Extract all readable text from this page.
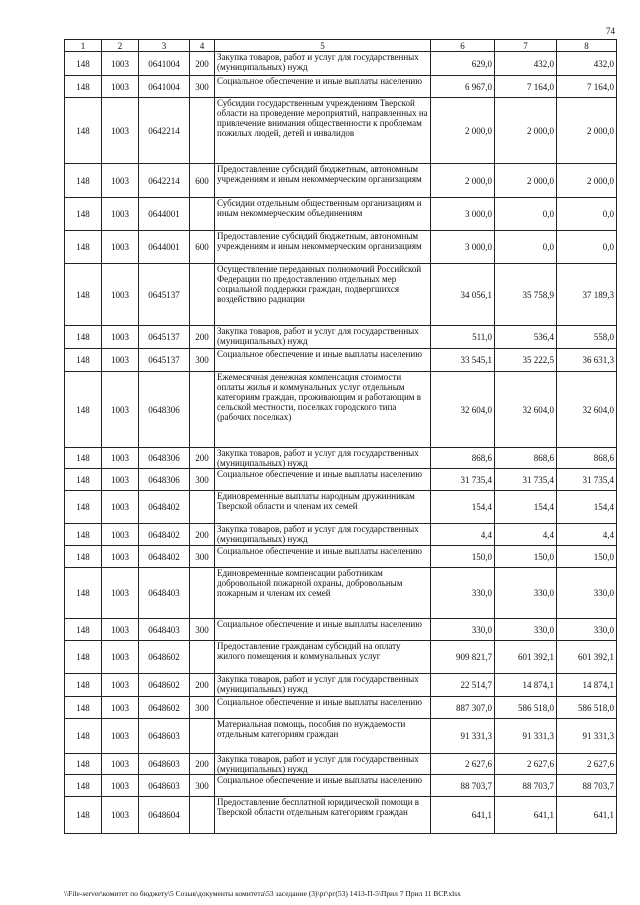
74
1	2	3	4	5	6	7	8
148	1003	0641004	200	Закупка товаров, работ и услуг для государственных (муниципальных) нужд	629,0	432,0	432,0
148	1003	0641004	300	Социальное обеспечение и иные выплаты населению	6 967,0	7 164,0	7 164,0
148	1003	0642214		Субсидии государственным учреждениям Тверской области на проведение мероприятий, направленных на привлечение внимания общественности к проблемам пожилых людей, детей и инвалидов	2 000,0	2 000,0	2 000,0
148	1003	0642214	600	Предоставление субсидий бюджетным, автономным учреждениям и иным некоммерческим организациям	2 000,0	2 000,0	2 000,0
148	1003	0644001		Субсидии отдельным общественным организациям и иным некоммерческим объединениям	3 000,0	0,0	0,0
148	1003	0644001	600	Предоставление субсидий бюджетным, автономным учреждениям и иным некоммерческим организациям	3 000,0	0,0	0,0
148	1003	0645137		Осуществление переданных полномочий Российской Федерации по предоставлению отдельных мер социальной поддержки граждан, подвергшихся воздействию радиации	34 056,1	35 758,9	37 189,3
148	1003	0645137	200	Закупка товаров, работ и услуг для государственных (муниципальных) нужд	511,0	536,4	558,0
148	1003	0645137	300	Социальное обеспечение и иные выплаты населению	33 545,1	35 222,5	36 631,3
148	1003	0648306		Ежемесячная денежная компенсация стоимости оплаты жилья и коммунальных услуг отдельным категориям граждан, проживающим и работающим в сельской местности, поселках городского типа (рабочих поселках)	32 604,0	32 604,0	32 604,0
148	1003	0648306	200	Закупка товаров, работ и услуг для государственных (муниципальных) нужд	868,6	868,6	868,6
148	1003	0648306	300	Социальное обеспечение и иные выплаты населению	31 735,4	31 735,4	31 735,4
148	1003	0648402		Единовременные выплаты народным дружинникам Тверской области и членам их семей	154,4	154,4	154,4
148	1003	0648402	200	Закупка товаров, работ и услуг для государственных (муниципальных) нужд	4,4	4,4	4,4
148	1003	0648402	300	Социальное обеспечение и иные выплаты населению	150,0	150,0	150,0
148	1003	0648403		Единовременные компенсации работникам добровольной пожарной охраны, добровольным пожарным и членам их семей	330,0	330,0	330,0
148	1003	0648403	300	Социальное обеспечение и иные выплаты населению	330,0	330,0	330,0
148	1003	0648602		Предоставление гражданам субсидий на оплату жилого помещения и коммунальных услуг	909 821,7	601 392,1	601 392,1
148	1003	0648602	200	Закупка товаров, работ и услуг для государственных (муниципальных) нужд	22 514,7	14 874,1	14 874,1
148	1003	0648602	300	Социальное обеспечение и иные выплаты населению	887 307,0	586 518,0	586 518,0
148	1003	0648603		Материальная помощь, пособия по нуждаемости отдельным категориям граждан	91 331,3	91 331,3	91 331,3
148	1003	0648603	200	Закупка товаров, работ и услуг для государственных (муниципальных) нужд	2 627,6	2 627,6	2 627,6
148	1003	0648603	300	Социальное обеспечение и иные выплаты населению	88 703,7	88 703,7	88 703,7
148	1003	0648604		Предоставление бесплатной юридической помощи в Тверской области отдельным категориям граждан	641,1	641,1	641,1
\\File-server\комитет по бюджету\5 Созыв\документы комитета\53 заседание (3)\рг\рг(53) 1413-П-5\Прил 7 Прил 11 ВСР.xlsx
